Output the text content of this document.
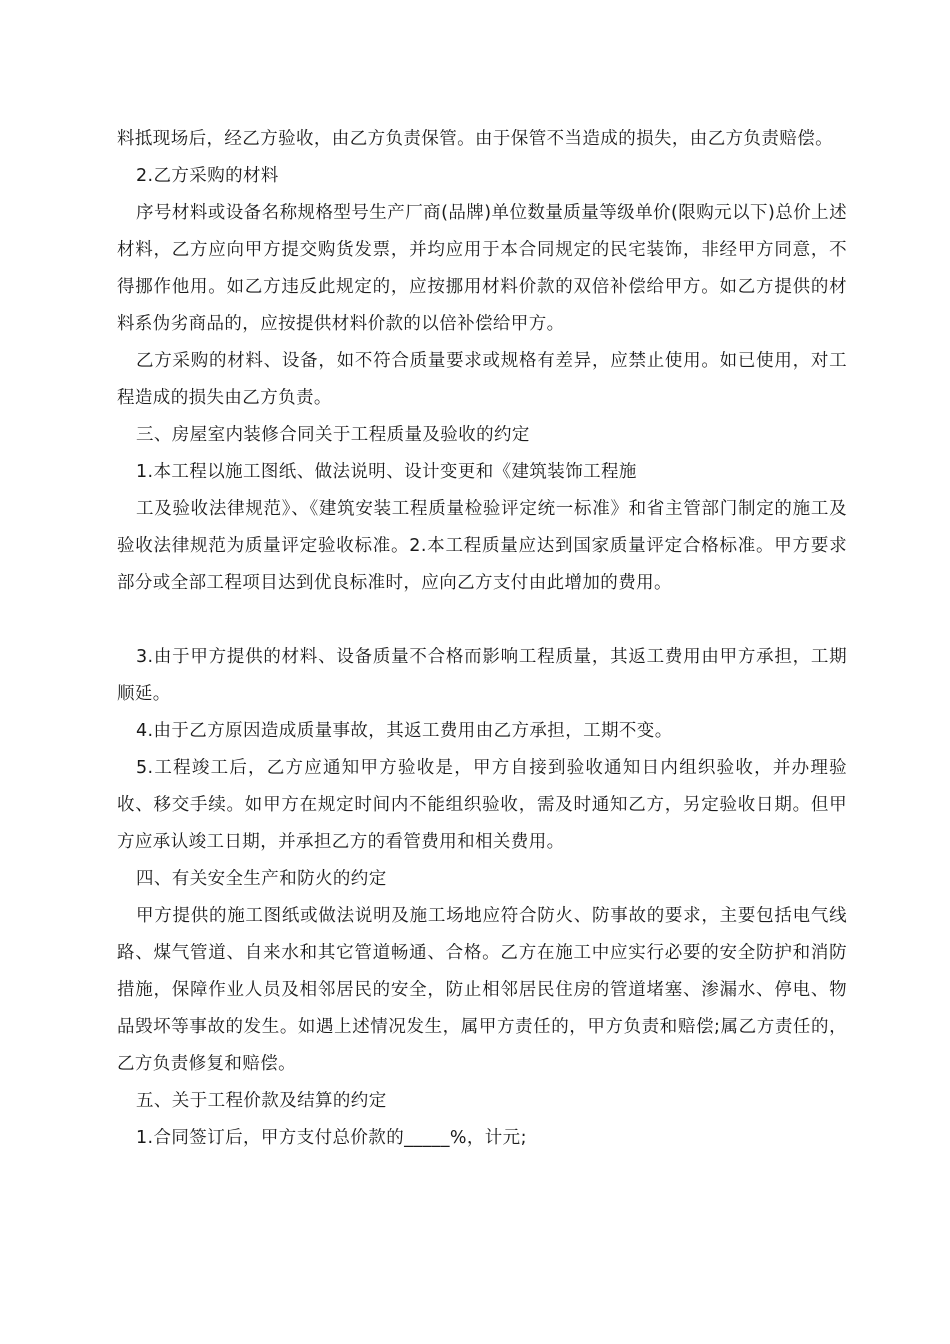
料抵现场后，经乙方验收，由乙方负责保管。由于保管不当造成的损失，由乙方负责赔偿。

2.乙方采购的材料

序号材料或设备名称规格型号生产厂商(品牌)单位数量质量等级单价(限购元以下)总价上述材料，乙方应向甲方提交购货发票，并均应用于本合同规定的民宅装饰，非经甲方同意，不得挪作他用。如乙方违反此规定的，应按挪用材料价款的双倍补偿给甲方。如乙方提供的材料系伪劣商品的，应按提供材料价款的以倍补偿给甲方。

乙方采购的材料、设备，如不符合质量要求或规格有差异，应禁止使用。如已使用，对工程造成的损失由乙方负责。

三、房屋室内装修合同关于工程质量及验收的约定

1.本工程以施工图纸、做法说明、设计变更和《建筑装饰工程施

工及验收法律规范》、《建筑安装工程质量检验评定统一标准》和省主管部门制定的施工及验收法律规范为质量评定验收标准。2.本工程质量应达到国家质量评定合格标准。甲方要求部分或全部工程项目达到优良标准时，应向乙方支付由此增加的费用。

3.由于甲方提供的材料、设备质量不合格而影响工程质量，其返工费用由甲方承担，工期顺延。

4.由于乙方原因造成质量事故，其返工费用由乙方承担，工期不变。

5.工程竣工后，乙方应通知甲方验收是，甲方自接到验收通知日内组织验收，并办理验收、移交手续。如甲方在规定时间内不能组织验收，需及时通知乙方，另定验收日期。但甲方应承认竣工日期，并承担乙方的看管费用和相关费用。

四、有关安全生产和防火的约定

甲方提供的施工图纸或做法说明及施工场地应符合防火、防事故的要求，主要包括电气线路、煤气管道、自来水和其它管道畅通、合格。乙方在施工中应实行必要的安全防护和消防措施，保障作业人员及相邻居民的安全，防止相邻居民住房的管道堵塞、渗漏水、停电、物品毁坏等事故的发生。如遇上述情况发生，属甲方责任的，甲方负责和赔偿;属乙方责任的，乙方负责修复和赔偿。

五、关于工程价款及结算的约定

1.合同签订后，甲方支付总价款的_____%，计元;
